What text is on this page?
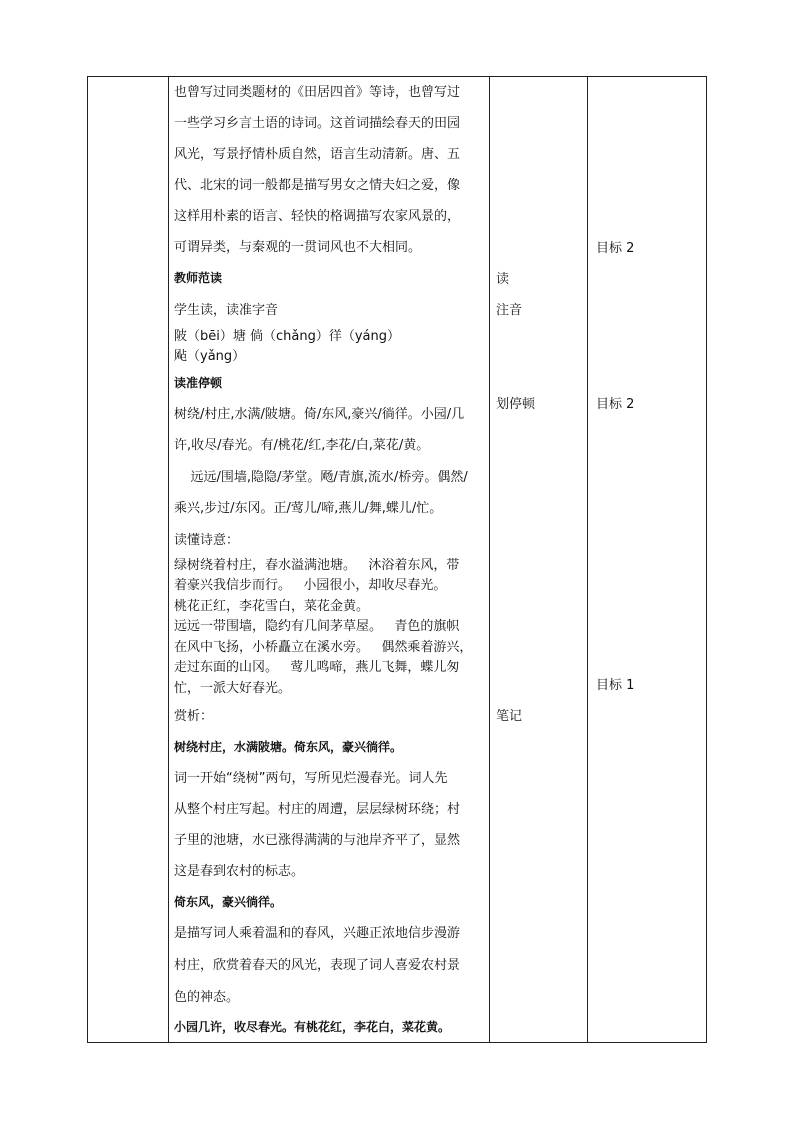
也曾写过同类题材的《田居四首》等诗，也曾写过
一些学习乡言土语的诗词。这首词描绘春天的田园
风光，写景抒情朴质自然，语言生动清新。唐、五
代、北宋的词一般都是描写男女之情夫妇之爱，像
这样用朴素的语言、轻快的格调描写农家风景的，
可谓异类，与秦观的一贯词风也不大相同。
教师范读
学生读，读准字音
陂（bēi）塘 倘（chǎng）徉（yáng）
飐（yǎng）
读准停顿
树绕/村庄,水满/陂塘。倚/东风,豪兴/徜徉。小园/几
许,收尽/春光。有/桃花/红,李花/白,菜花/黄。
远远/围墙,隐隐/茅堂。飏/青旗,流水/桥旁。偶然/
乘兴,步过/东冈。正/莺儿/啼,燕儿/舞,蝶儿/忙。
读懂诗意：
绿树绕着村庄，春水溢满池塘。   沐浴着东风，带
着豪兴我信步而行。   小园很小，却收尽春光。
桃花正红，李花雪白，菜花金黄。
远远一带围墙，隐约有几间茅草屋。   青色的旗帜
在风中飞扬，小桥矗立在溪水旁。   偶然乘着游兴，
走过东面的山冈。   莺儿鸣啼，燕儿飞舞，蝶儿匆
忙，一派大好春光。
赏析：
树绕村庄，水满陂塘。倚东风，豪兴徜徉。
词一开始“绕树”两句，写所见烂漫春光。词人先
从整个村庄写起。村庄的周遭，层层绿树环绕；村
子里的池塘，水已涨得满满的与池岸齐平了，显然
这是春到农村的标志。
倚东风，豪兴徜徉。
是描写词人乘着温和的春风，兴趣正浓地信步漫游
村庄，欣赏着春天的风光，表现了词人喜爱农村景
色的神态。
小园几许，收尽春光。有桃花红，李花白，菜花黄。
读
注音
划停顿
笔记
目标 2
目标 2
目标 1
